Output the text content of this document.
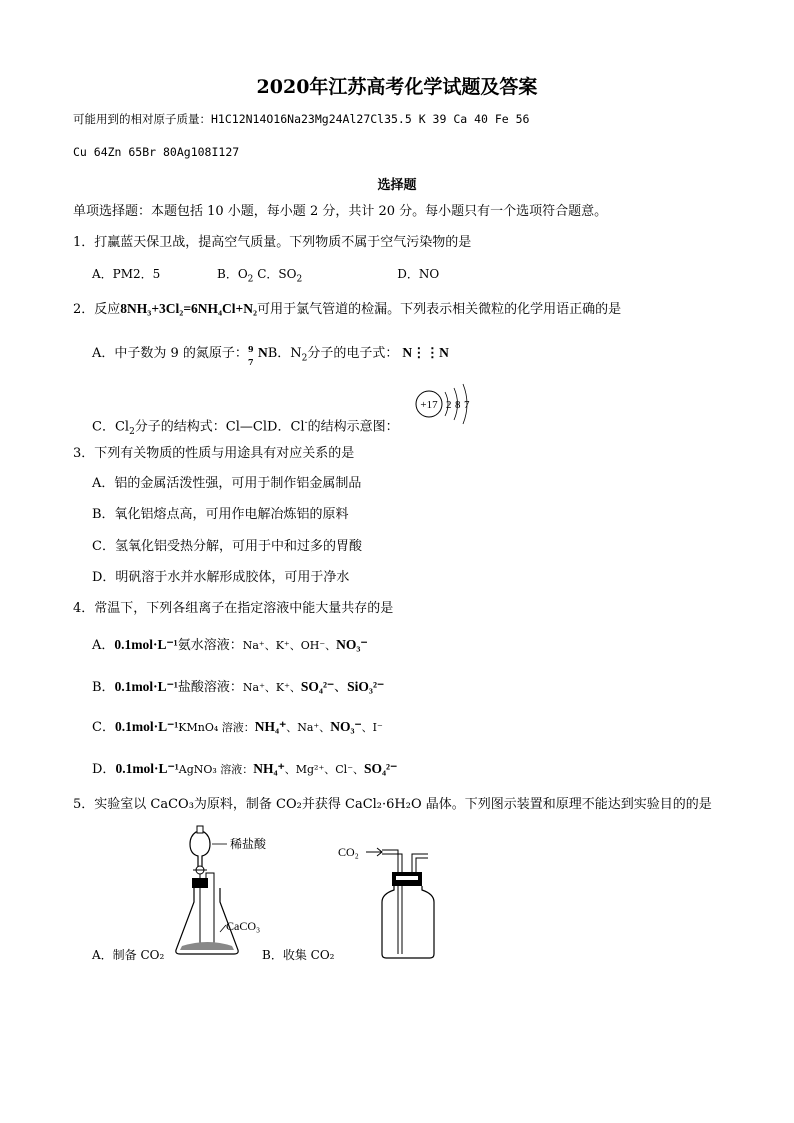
2020年江苏高考化学试题及答案
可能用到的相对原子质量：H1C12N14O16Na23Mg24Al27Cl35.5 K 39 Ca 40 Fe 56
Cu 64Zn 65Br 80Ag108I127
选择题
单项选择题：本题包括 10 小题，每小题 2 分，共计 20 分。每小题只有一个选项符合题意。
1．打赢蓝天保卫战，提高空气质量。下列物质不属于空气污染物的是
A．PM2．5	B．$O_2$ C．$SO_2$	D．NO
2．反应8NH₃+3Cl₂=6NH₄Cl+N₂可用于氯气管道的检漏。下列表示相关微粒的化学用语正确的是
A．中子数为 9 的氮原子： 9
7
NB．$N_2$分子的电子式： N⋮⋮N
C．$Cl_2$分子的结构式：Cl—ClD．Cl-的结构示意图：
+17 2 8 7
3．下列有关物质的性质与用途具有对应关系的是
A．铝的金属活泼性强，可用于制作铝金属制品
B．氧化铝熔点高，可用作电解冶炼铝的原料
C．氢氧化铝受热分解，可用于中和过多的胃酸
D．明矾溶于水并水解形成胶体，可用于净水
4．常温下，下列各组离子在指定溶液中能大量共存的是
A．0.1mol·L⁻¹氨水溶液：Na⁺、K⁺、OH⁻、NO₃⁻
B．0.1mol·L⁻¹盐酸溶液：Na⁺、K⁺、SO₄²⁻、SiO₃²⁻
C．0.1mol·L⁻¹KMnO₄ 溶液：NH₄⁺、Na⁺、NO₃⁻、I⁻
D．0.1mol·L⁻¹AgNO₃ 溶液：NH₄⁺、Mg²⁺、Cl⁻、SO₄²⁻
5．实验室以 CaCO₃为原料，制备 CO₂并获得 CaCl₂·6H₂O 晶体。下列图示装置和原理不能达到实验目的的是
稀盐酸
CaCO₃
A．制备 CO₂
CO₂
B．收集 CO₂
